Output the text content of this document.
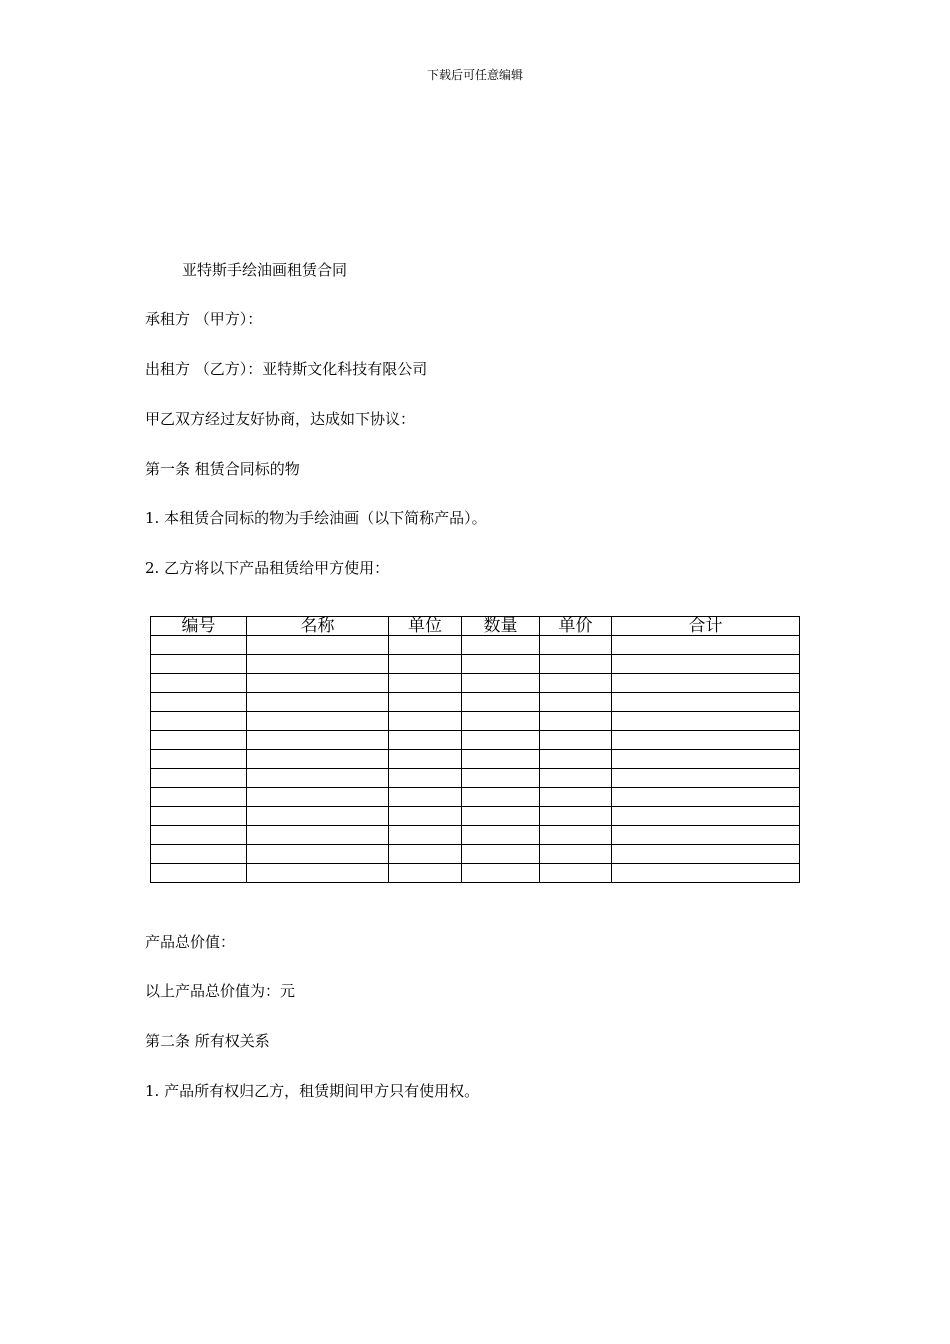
下载后可任意编辑
亚特斯手绘油画租赁合同
承租方 （甲方）：
出租方 （乙方）：亚特斯文化科技有限公司
甲乙双方经过友好协商，达成如下协议：
第一条 租赁合同标的物
1. 本租赁合同标的物为手绘油画（以下简称产品）。
2. 乙方将以下产品租赁给甲方使用：
编号	名称	单位	数量	单价	合计

产品总价值：
以上产品总价值为：元
第二条 所有权关系
1. 产品所有权归乙方，租赁期间甲方只有使用权。
